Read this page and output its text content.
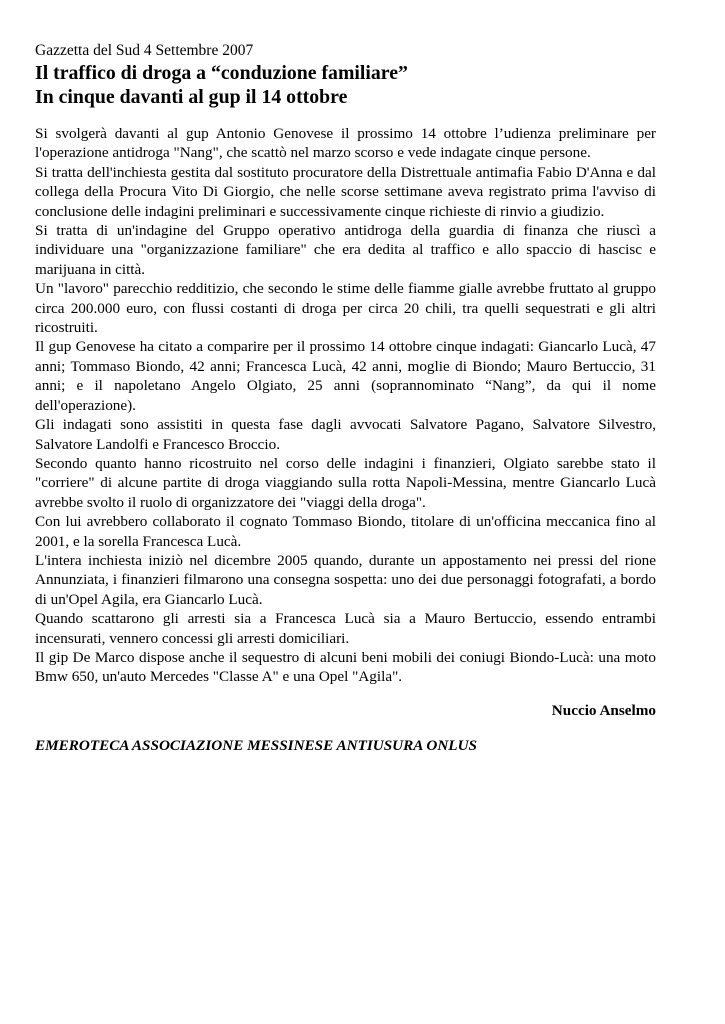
Gazzetta del Sud 4 Settembre 2007

Il traffico di droga a “conduzione familiare”
In cinque davanti al gup il 14 ottobre

Si svolgerà davanti al gup Antonio Genovese il prossimo 14 ottobre l’udienza preliminare per l'operazione antidroga "Nang", che scattò nel marzo scorso e vede indagate cinque persone.

Si tratta dell'inchiesta gestita dal sostituto procuratore della Distrettuale antimafia Fabio D'Anna e dal collega della Procura Vito Di Giorgio, che nelle scorse settimane aveva registrato prima l'avviso di conclusione delle indagini preliminari e successivamente cinque richieste di rinvio a giudizio.

Si tratta di un'indagine del Gruppo operativo antidroga della guardia di finanza che riuscì a individuare una "organizzazione familiare" che era dedita al traffico e allo spaccio di hascisc e marijuana in città.

Un "lavoro" parecchio redditizio, che secondo le stime delle fiamme gialle avrebbe fruttato al gruppo circa 200.000 euro, con flussi costanti di droga per circa 20 chili, tra quelli sequestrati e gli altri ricostruiti.

Il gup Genovese ha citato a comparire per il prossimo 14 ottobre cinque indagati: Giancarlo Lucà, 47 anni; Tommaso Biondo, 42 anni; Francesca Lucà, 42 anni, moglie di Biondo; Mauro Bertuccio, 31 anni; e il napoletano Angelo Olgiato, 25 anni (soprannominato “Nang”, da qui il nome dell'operazione).

Gli indagati sono assistiti in questa fase dagli avvocati Salvatore Pagano, Salvatore Silvestro, Salvatore Landolfi e Francesco Broccio.

Secondo quanto hanno ricostruito nel corso delle indagini i finanzieri, Olgiato sarebbe stato il "corriere" di alcune partite di droga viaggiando sulla rotta Napoli-Messina, mentre Giancarlo Lucà avrebbe svolto il ruolo di organizzatore dei "viaggi della droga".

Con lui avrebbero collaborato il cognato Tommaso Biondo, titolare di un'officina meccanica fino al 2001, e la sorella Francesca Lucà.

L'intera inchiesta iniziò nel dicembre 2005 quando, durante un appostamento nei pressi del rione Annunziata, i finanzieri filmarono una consegna sospetta: uno dei due personaggi fotografati, a bordo di un'Opel Agila, era Giancarlo Lucà.

Quando scattarono gli arresti sia a Francesca Lucà sia a Mauro Bertuccio, essendo entrambi incensurati, vennero concessi gli arresti domiciliari.

Il gip De Marco dispose anche il sequestro di alcuni beni mobili dei coniugi Biondo-Lucà: una moto Bmw 650, un'auto Mercedes "Classe A" e una Opel "Agila".

Nuccio Anselmo

EMEROTECA ASSOCIAZIONE MESSINESE ANTIUSURA ONLUS
